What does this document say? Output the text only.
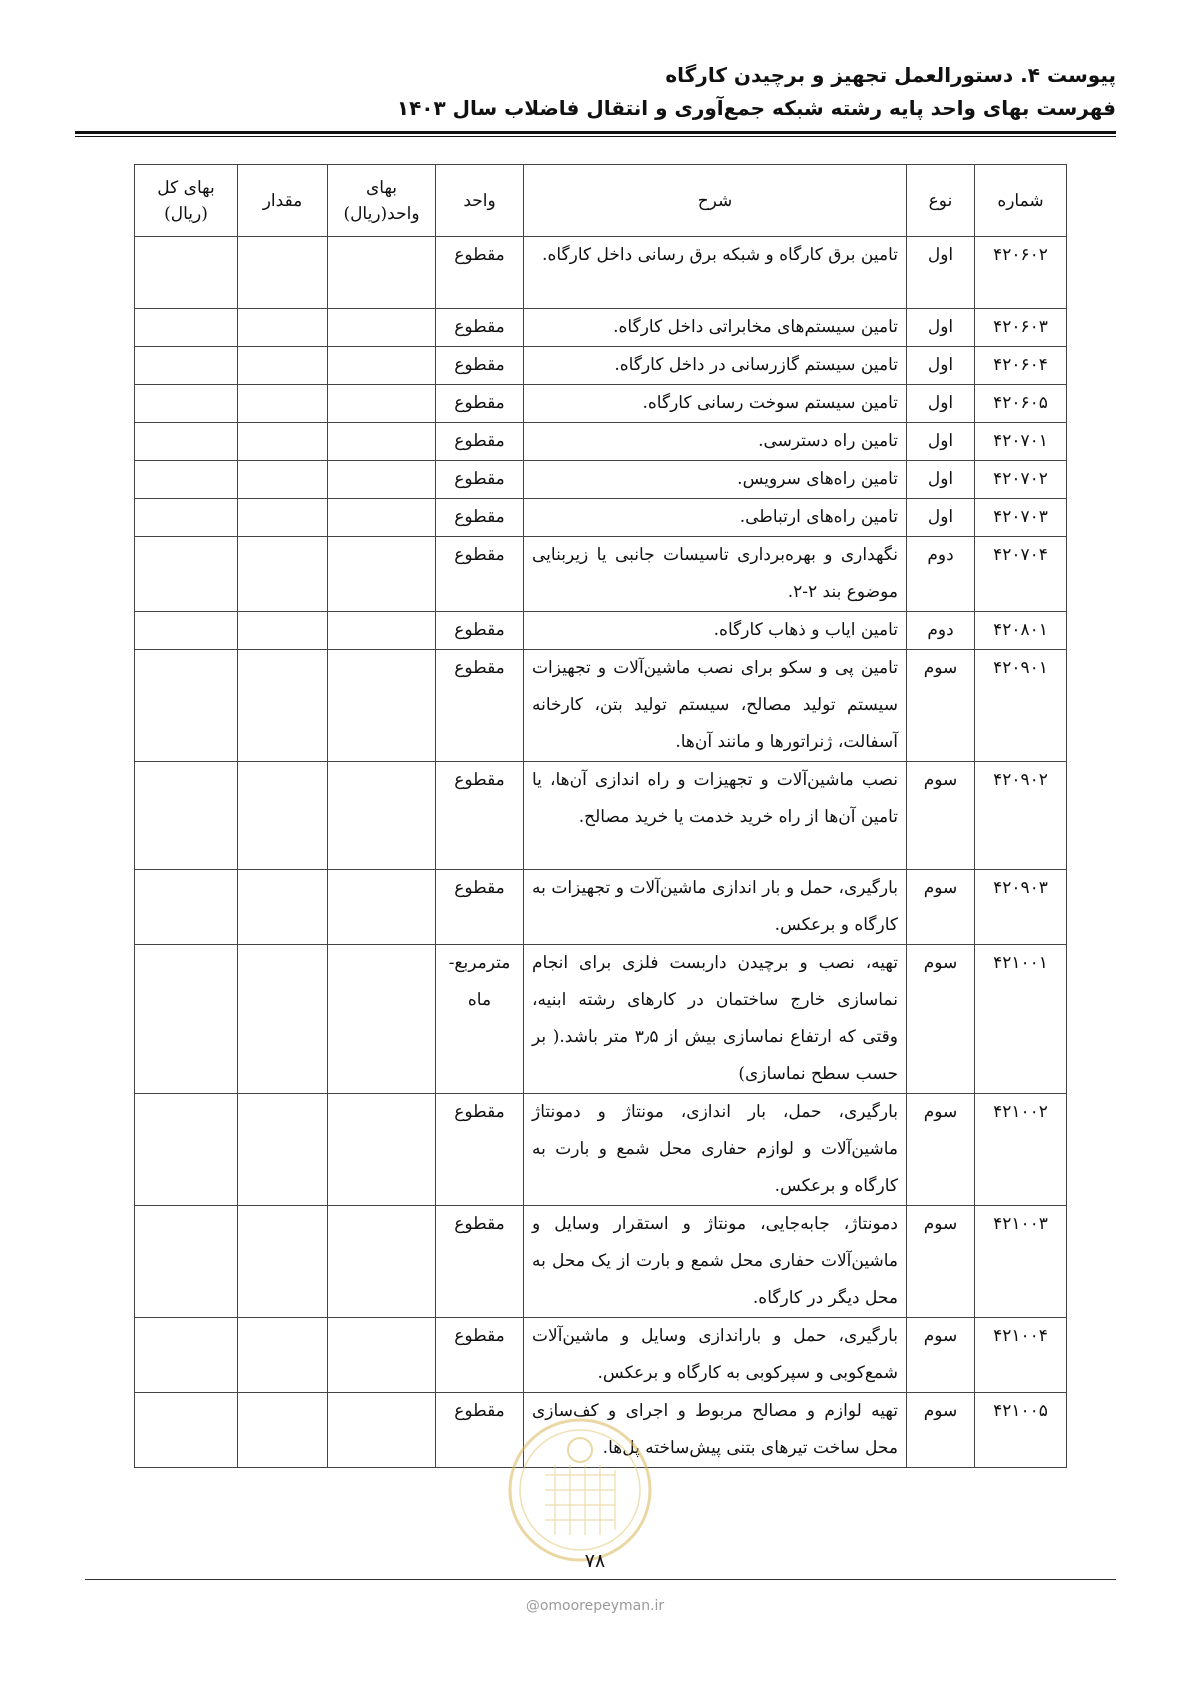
پیوست ۴. دستورالعمل تجهیز و برچیدن کارگاه
فهرست بهای واحد پایه رشته شبکه جمع‌آوری و انتقال فاضلاب سال ۱۴۰۳
شماره	نوع	شرح	واحد	بهای واحد(ریال)	مقدار	بهای کل (ریال)
۴۲۰۶۰۲	اول	تامین برق کارگاه و شبکه برق رسانی داخل کارگاه.	مقطوع			
۴۲۰۶۰۳	اول	تامین سیستم‌های مخابراتی داخل کارگاه.	مقطوع			
۴۲۰۶۰۴	اول	تامین سیستم گازرسانی در داخل کارگاه.	مقطوع			
۴۲۰۶۰۵	اول	تامین سیستم سوخت رسانی کارگاه.	مقطوع			
۴۲۰۷۰۱	اول	تامین راه دسترسی.	مقطوع			
۴۲۰۷۰۲	اول	تامین راه‌های سرویس.	مقطوع			
۴۲۰۷۰۳	اول	تامین راه‌های ارتباطی.	مقطوع			
۴۲۰۷۰۴	دوم	نگهداری و بهره‌برداری تاسیسات جانبی یا زیربنایی موضوع بند ۲-۲.	مقطوع			
۴۲۰۸۰۱	دوم	تامین ایاب و ذهاب کارگاه.	مقطوع			
۴۲۰۹۰۱	سوم	تامین پی و سکو برای نصب ماشین‌آلات و تجهیزات سیستم تولید مصالح، سیستم تولید بتن، کارخانه آسفالت، ژنراتورها و مانند آن‌ها.	مقطوع			
۴۲۰۹۰۲	سوم	نصب ماشین‌آلات و تجهیزات و راه اندازی آن‌ها، یا تامین آن‌ها از راه خرید خدمت یا خرید مصالح.	مقطوع			
۴۲۰۹۰۳	سوم	بارگیری، حمل و بار اندازی ماشین‌آلات و تجهیزات به کارگاه و برعکس.	مقطوع			
۴۲۱۰۰۱	سوم	تهیه، نصب و برچیدن داربست فلزی برای انجام نماسازی خارج ساختمان در کارهای رشته ابنیه، وقتی که ارتفاع نماسازی بیش از ۳٫۵ متر باشد.( بر حسب سطح نماسازی)	مترمربع- ماه			
۴۲۱۰۰۲	سوم	بارگیری، حمل، بار اندازی، مونتاژ و دمونتاژ ماشین‌آلات و لوازم حفاری محل شمع و بارت به کارگاه و برعکس.	مقطوع			
۴۲۱۰۰۳	سوم	دمونتاژ، جابه‌جایی، مونتاژ و استقرار وسایل و ماشین‌آلات حفاری محل شمع و بارت از یک محل به محل دیگر در کارگاه.	مقطوع			
۴۲۱۰۰۴	سوم	بارگیری، حمل و باراندازی وسایل و ماشین‌آلات شمع‌کوبی و سپرکوبی به کارگاه و برعکس.	مقطوع			
۴۲۱۰۰۵	سوم	تهیه لوازم و مصالح مربوط و اجرای و کف‌سازی محل ساخت تیرهای بتنی پیش‌ساخته پل‌ها.	مقطوع			
۷۸
@omoorepeyman.ir
